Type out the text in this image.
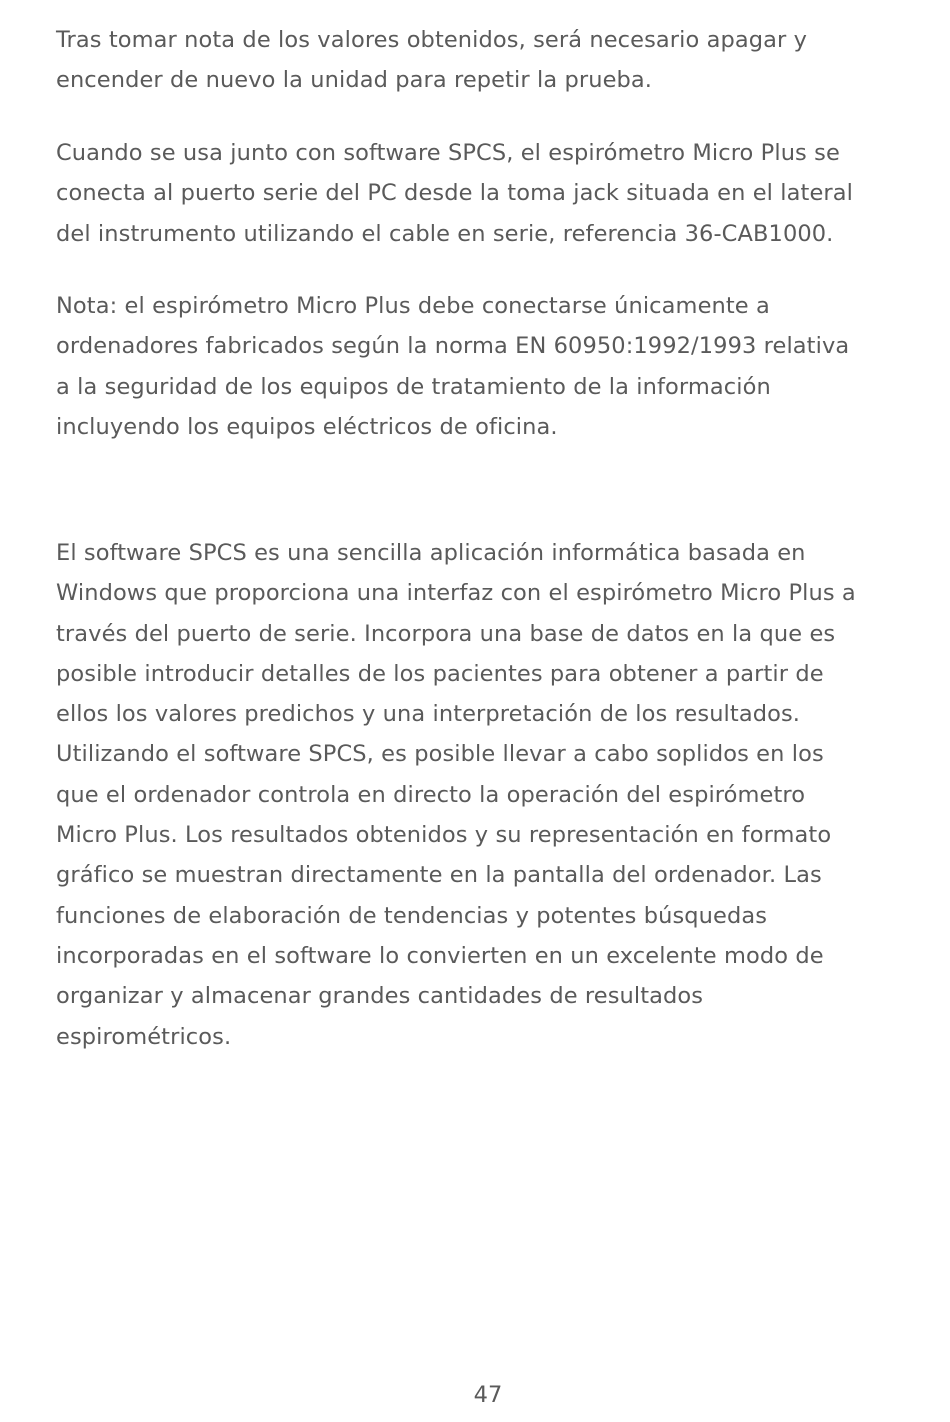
Tras tomar nota de los valores obtenidos, será necesario apagar y
encender de nuevo la unidad para repetir la prueba.

Cuando se usa junto con software SPCS, el espirómetro Micro Plus se
conecta al puerto serie del PC desde la toma jack situada en el lateral
del instrumento utilizando el cable en serie, referencia 36-CAB1000.

Nota: el espirómetro Micro Plus debe conectarse únicamente a
ordenadores fabricados según la norma EN 60950:1992/1993 relativa
a la seguridad de los equipos de tratamiento de la información
incluyendo los equipos eléctricos de oficina.

El software SPCS es una sencilla aplicación informática basada en
Windows que proporciona una interfaz con el espirómetro Micro Plus a
través del puerto de serie. Incorpora una base de datos en la que es
posible introducir detalles de los pacientes para obtener a partir de
ellos los valores predichos y una interpretación de los resultados.
Utilizando el software SPCS, es posible llevar a cabo soplidos en los
que el ordenador controla en directo la operación del espirómetro
Micro Plus. Los resultados obtenidos y su representación en formato
gráfico se muestran directamente en la pantalla del ordenador. Las
funciones de elaboración de tendencias y potentes búsquedas
incorporadas en el software lo convierten en un excelente modo de
organizar y almacenar grandes cantidades de resultados
espirométricos.

47
